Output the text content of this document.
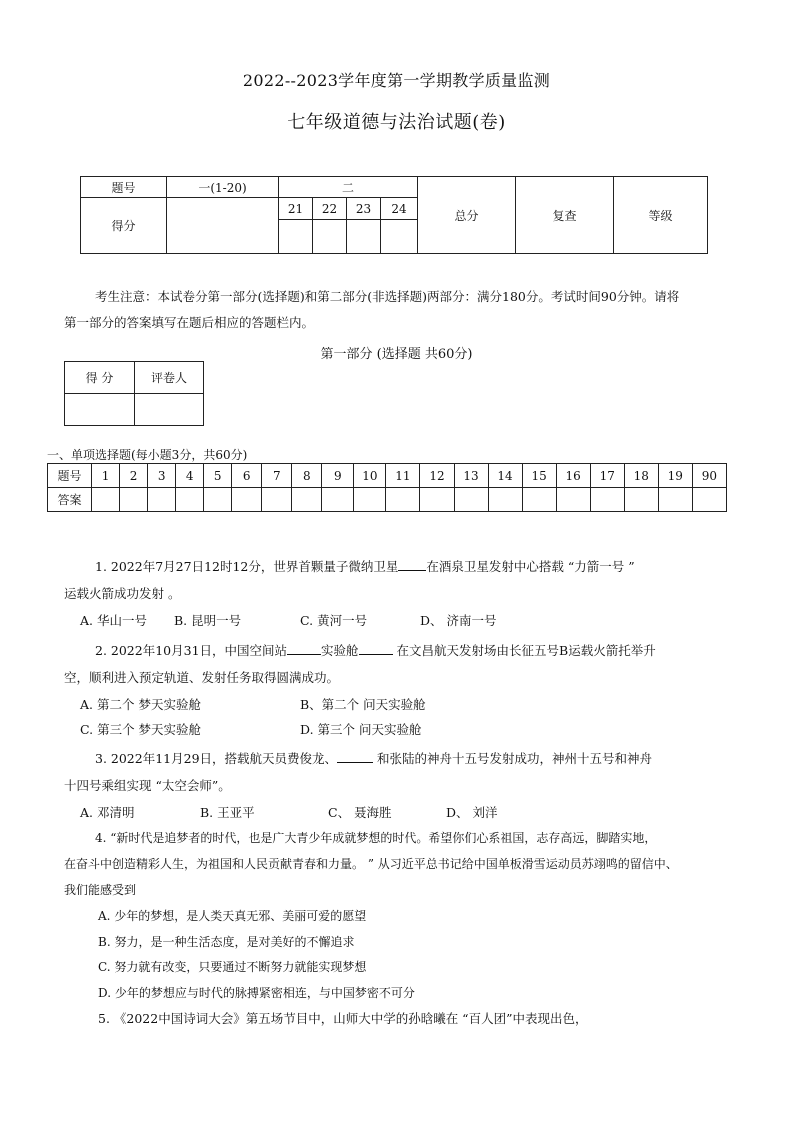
2022--2023学年度第一学期教学质量监测
七年级道德与法治试题(卷)
题号	一(1-20)	二				总分	复查	等级
得分		21	22	23	24			

考生注意：本试卷分第一部分(选择题)和第二部分(非选择题)两部分：满分180分。考试时间90分钟。请将
第一部分的答案填写在题后相应的答题栏内。
第一部分 (选择题 共60分)
得 分	评卷人

一、单项选择题(每小题3分，共60分)
题号	1	2	3	4	5	6	7	8	9	10	11	12	13	14	15	16	17	18	19	90
答案																				
1. 2022年7月27日12时12分，世界首颗量子微纳卫星 在酒泉卫星发射中心搭载 “力箭一号 ”
运载火箭成功发射 。
A. 华山一号 B. 昆明一号	C. 黄河一号	D、 济南一号
2. 2022年10月31日，中国空间站	实验舱	在文昌航天发射场由长征五号B运载火箭托举升
空，顺利进入预定轨道、发射任务取得圆满成功。
A. 第二个 梦天实验舱	B、第二个 问天实验舱
C. 第三个 梦天实验舱	D. 第三个 问天实验舱
3. 2022年11月29日，搭载航天员费俊龙、	和张陆的神舟十五号发射成功，神州十五号和神舟
十四号乘组实现 “太空会师”。
A. 邓清明	B. 王亚平	C、 聂海胜	D、 刘洋
4. “新时代是追梦者的时代，也是广大青少年成就梦想的时代。希望你们心系祖国，志存高远，脚踏实地，
在奋斗中创造精彩人生，为祖国和人民贡献青春和力量。 ” 从习近平总书记给中国单板滑雪运动员苏翊鸣的留信中、
我们能感受到
A. 少年的梦想，是人类天真无邪、美丽可爱的愿望
B. 努力，是一种生活态度，是对美好的不懈追求
C. 努力就有改变，只要通过不断努力就能实现梦想
D. 少年的梦想应与时代的脉搏紧密相连，与中国梦密不可分
5. 《2022中国诗词大会》第五场节目中，山师大中学的孙晗曦在 “百人团”中表现出色，
